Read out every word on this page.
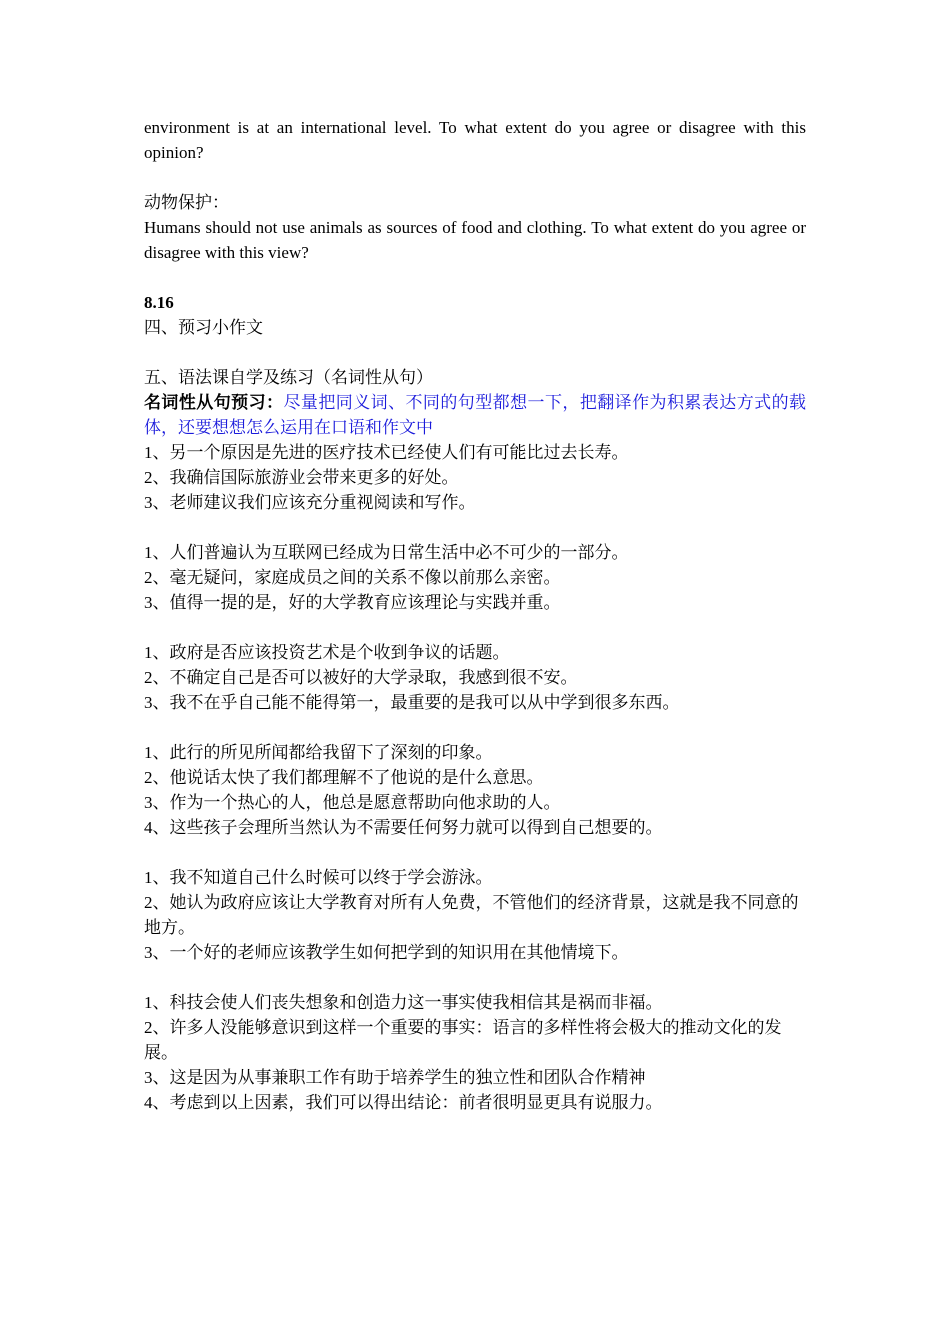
environment is at an international level. To what extent do you agree or disagree with this opinion?

动物保护：

Humans should not use animals as sources of food and clothing. To what extent do you agree or disagree with this view?

8.16

四、预习小作文

五、语法课自学及练习（名词性从句）

名词性从句预习：尽量把同义词、不同的句型都想一下，把翻译作为积累表达方式的载体，还要想想怎么运用在口语和作文中

1、另一个原因是先进的医疗技术已经使人们有可能比过去长寿。

2、我确信国际旅游业会带来更多的好处。

3、老师建议我们应该充分重视阅读和写作。

1、人们普遍认为互联网已经成为日常生活中必不可少的一部分。

2、毫无疑问，家庭成员之间的关系不像以前那么亲密。

3、值得一提的是，好的大学教育应该理论与实践并重。

1、政府是否应该投资艺术是个收到争议的话题。

2、不确定自己是否可以被好的大学录取，我感到很不安。

3、我不在乎自己能不能得第一，最重要的是我可以从中学到很多东西。

1、此行的所见所闻都给我留下了深刻的印象。

2、他说话太快了我们都理解不了他说的是什么意思。

3、作为一个热心的人，他总是愿意帮助向他求助的人。

4、这些孩子会理所当然认为不需要任何努力就可以得到自己想要的。

1、我不知道自己什么时候可以终于学会游泳。

2、她认为政府应该让大学教育对所有人免费，不管他们的经济背景，这就是我不同意的地方。

3、一个好的老师应该教学生如何把学到的知识用在其他情境下。

1、科技会使人们丧失想象和创造力这一事实使我相信其是祸而非福。

2、许多人没能够意识到这样一个重要的事实：语言的多样性将会极大的推动文化的发展。

3、这是因为从事兼职工作有助于培养学生的独立性和团队合作精神

4、考虑到以上因素，我们可以得出结论：前者很明显更具有说服力。
